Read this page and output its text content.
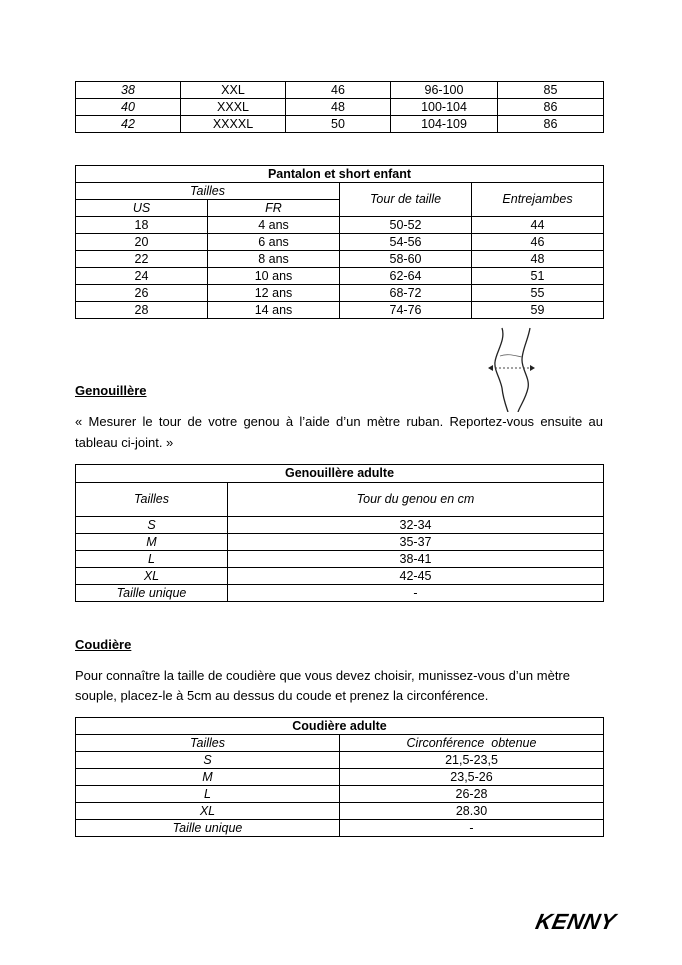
38	XXL	46	96-100	85
40	XXXL	48	100-104	86
42	XXXXL	50	104-109	86
Pantalon et short enfant			
Tailles		Tour de taille	Entrejambes
US	FR		
18	4 ans	50-52	44
20	6 ans	54-56	46
22	8 ans	58-60	48
24	10 ans	62-64	51
26	12 ans	68-72	55
28	14 ans	74-76	59
Genouillère
« Mesurer le tour de votre genou à l’aide d’un mètre ruban. Reportez-vous ensuite au
tableau ci-joint. »
Genouillère adulte	
Tailles	Tour du genou en cm
S	32-34
M	35-37
L	38-41
XL	42-45
Taille unique	-
Coudière
Pour connaître la taille de coudière que vous devez choisir, munissez-vous d’un mètre
souple, placez-le à 5cm au dessus du coude et prenez la circonférence.
Coudière adulte	
Tailles	Circonférence  obtenue
S	21,5-23,5
M	23,5-26
L	26-28
XL	28.30
Taille unique	-
KENNY
